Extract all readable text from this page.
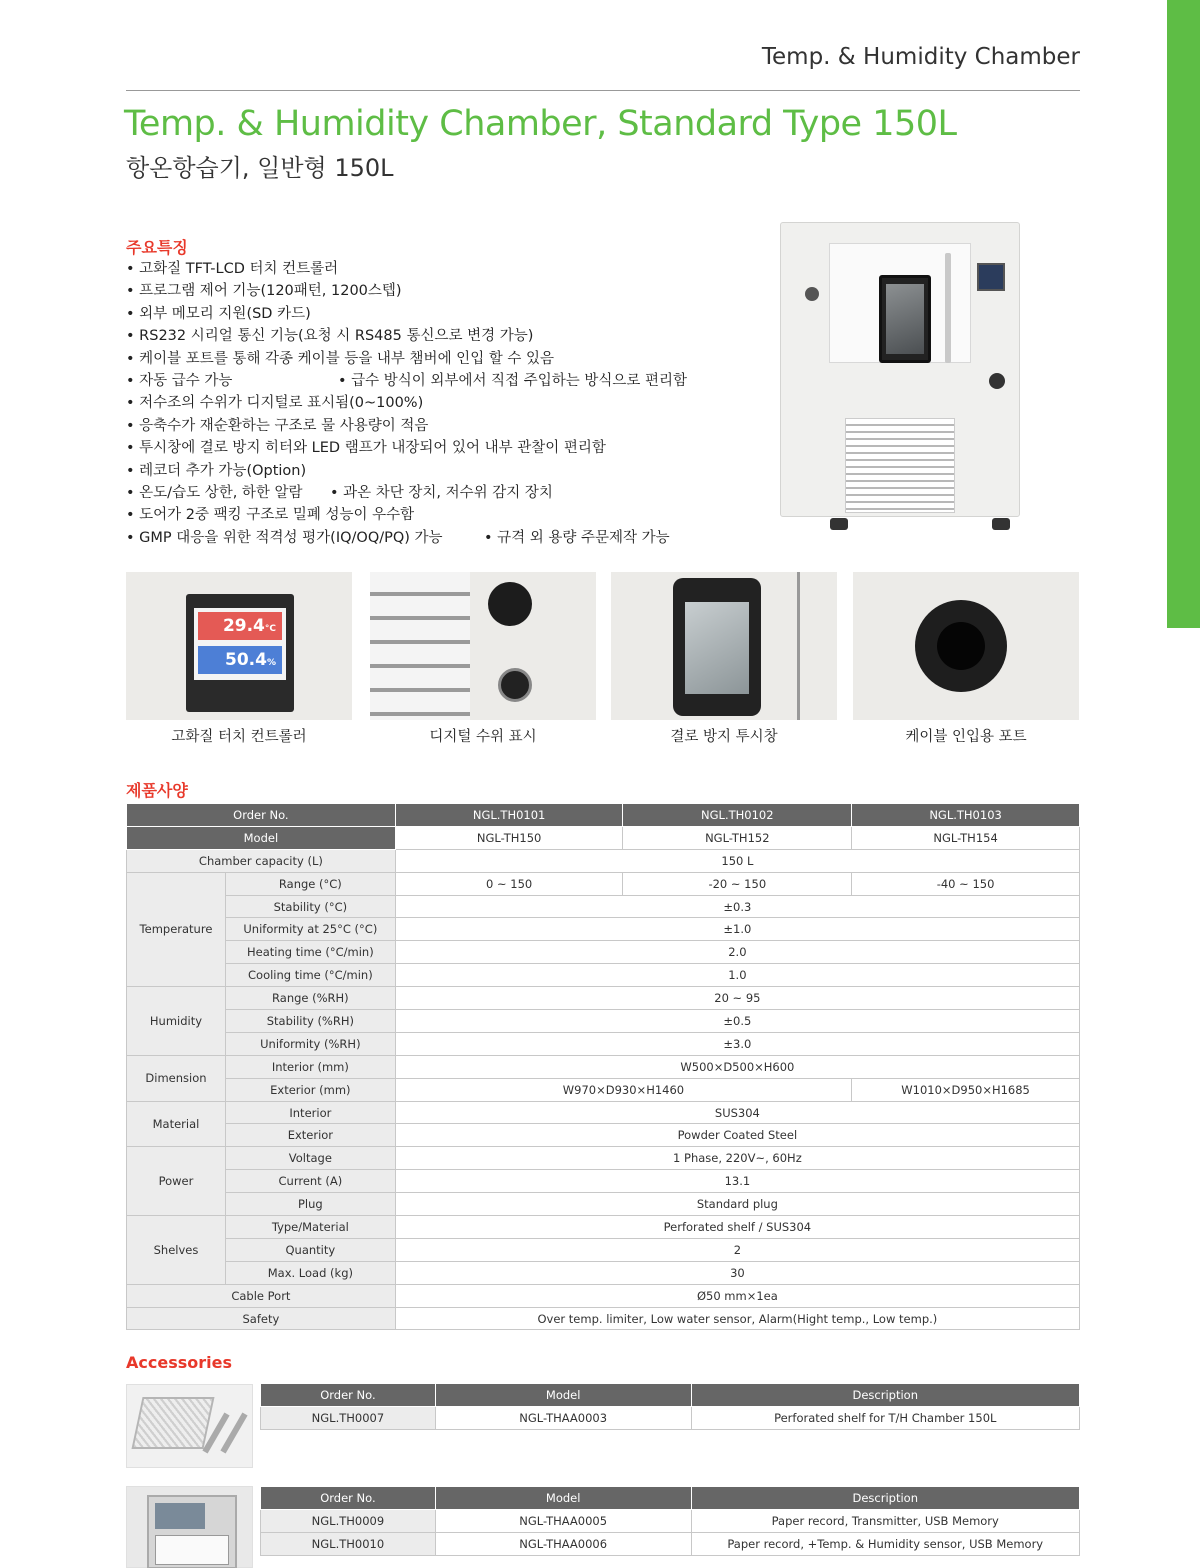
Temp. & Humidity Chamber
Temp. & Humidity Chamber, Standard Type 150L
항온항습기, 일반형 150L
주요특징
• 고화질 TFT-LCD 터치 컨트롤러
• 프로그램 제어 기능(120패턴, 1200스텝)
• 외부 메모리 지원(SD 카드)
• RS232 시리얼 통신 기능(요청 시 RS485 통신으로 변경 가능)
• 케이블 포트를 통해 각종 케이블 등을 내부 챔버에 인입 할 수 있음
• 자동 급수 가능	• 급수 방식이 외부에서 직접 주입하는 방식으로 편리함
• 저수조의 수위가 디지털로 표시됨(0~100%)
• 응축수가 재순환하는 구조로 물 사용량이 적음
• 투시창에 결로 방지 히터와 LED 램프가 내장되어 있어 내부 관찰이 편리함
• 레코더 추가 가능(Option)
• 온도/습도 상한, 하한 알람 • 과온 차단 장치, 저수위 감지 장치
• 도어가 2중 팩킹 구조로 밀폐 성능이 우수함
• GMP 대응을 위한 적격성 평가(IQ/OQ/PQ) 가능	• 규격 외 용량 주문제작 가능
29.4°C
50.4%
고화질 터치 컨트롤러	디지털 수위 표시	결로 방지 투시창	케이블 인입용 포트
제품사양
Order No.		NGL.TH0101	NGL.TH0102	NGL.TH0103
Model		NGL-TH150	NGL-TH152	NGL-TH154
Chamber capacity (L)		150 L		
Temperature	Range (°C)	0 ~ 150	-20 ~ 150	-40 ~ 150
	Stability (°C)	±0.3		
	Uniformity at 25°C (°C)	±1.0		
	Heating time (°C/min)	2.0		
	Cooling time (°C/min)	1.0		
Humidity	Range (%RH)	20 ~ 95		
	Stability (%RH)	±0.5		
	Uniformity (%RH)	±3.0		
Dimension	Interior (mm)	W500×D500×H600		
	Exterior (mm)	W970×D930×H1460		W1010×D950×H1685
Material	Interior	SUS304		
	Exterior	Powder Coated Steel		
Power	Voltage	1 Phase, 220V~, 60Hz		
	Current (A)	13.1		
	Plug	Standard plug		
Shelves	Type/Material	Perforated shelf / SUS304		
	Quantity	2		
	Max. Load (kg)	30		
Cable Port		Ø50 mm×1ea		
Safety		Over temp. limiter, Low water sensor, Alarm(Hight temp., Low temp.)		
Accessories
Order No.	Model	Description
NGL.TH0007	NGL-THAA0003	Perforated shelf for T/H Chamber 150L
Order No.	Model	Description
NGL.TH0009	NGL-THAA0005	Paper record, Transmitter, USB Memory
NGL.TH0010	NGL-THAA0006	Paper record, +Temp. & Humidity sensor, USB Memory
